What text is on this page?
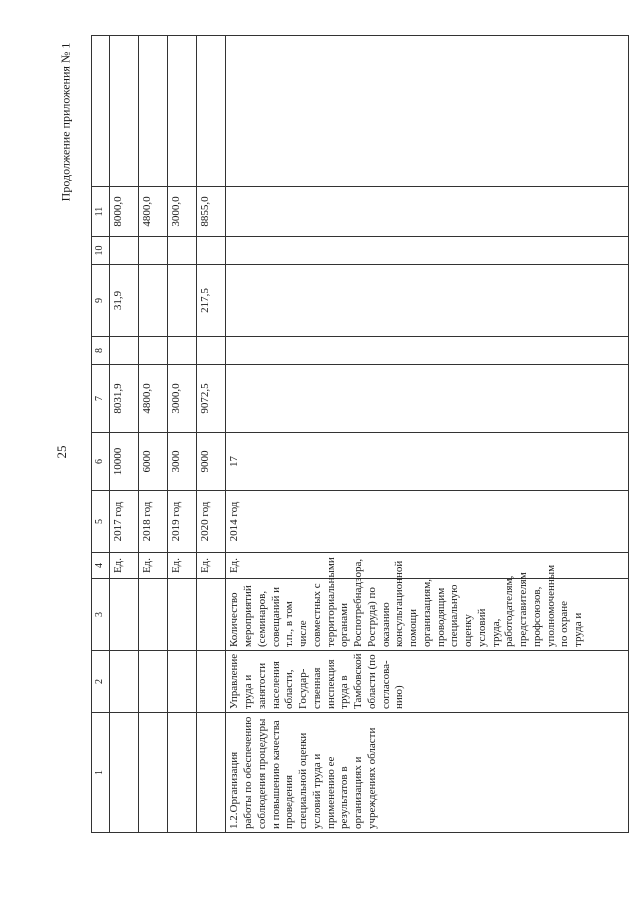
25
Продолжение приложения № 1
1	2	3	4	5	6	7	8	9	10	11	
			Ед.	2017 год	10000	8031,9		31,9		8000,0	
			Ед.	2018 год	6000	4800,0				4800,0	
			Ед.	2019 год	3000	3000,0				3000,0	
			Ед.	2020 год	9000	9072,5		217,5		8855,0	
1.2.Организация работы по обеспечению соблюдения процедуры и повышению качества проведения специальной оценки условий труда и применению ее результатов в организациях и учреждениях области	Управление труда и занятости населения области, Государ-ственная инспекция труда в Тамбовской области (по согласова-нию)	Количество мероприятий (семинаров, совещаний и т.п., в том числе совместных с территориальными органами Роспотребнадзора, Роструда) по оказанию консультационной помощи организациям, проводящим специальную оценку условий труда, работодателям, представителям профсоюзов, уполномоченным по охране труда и	Ед.	2014 год	17						
